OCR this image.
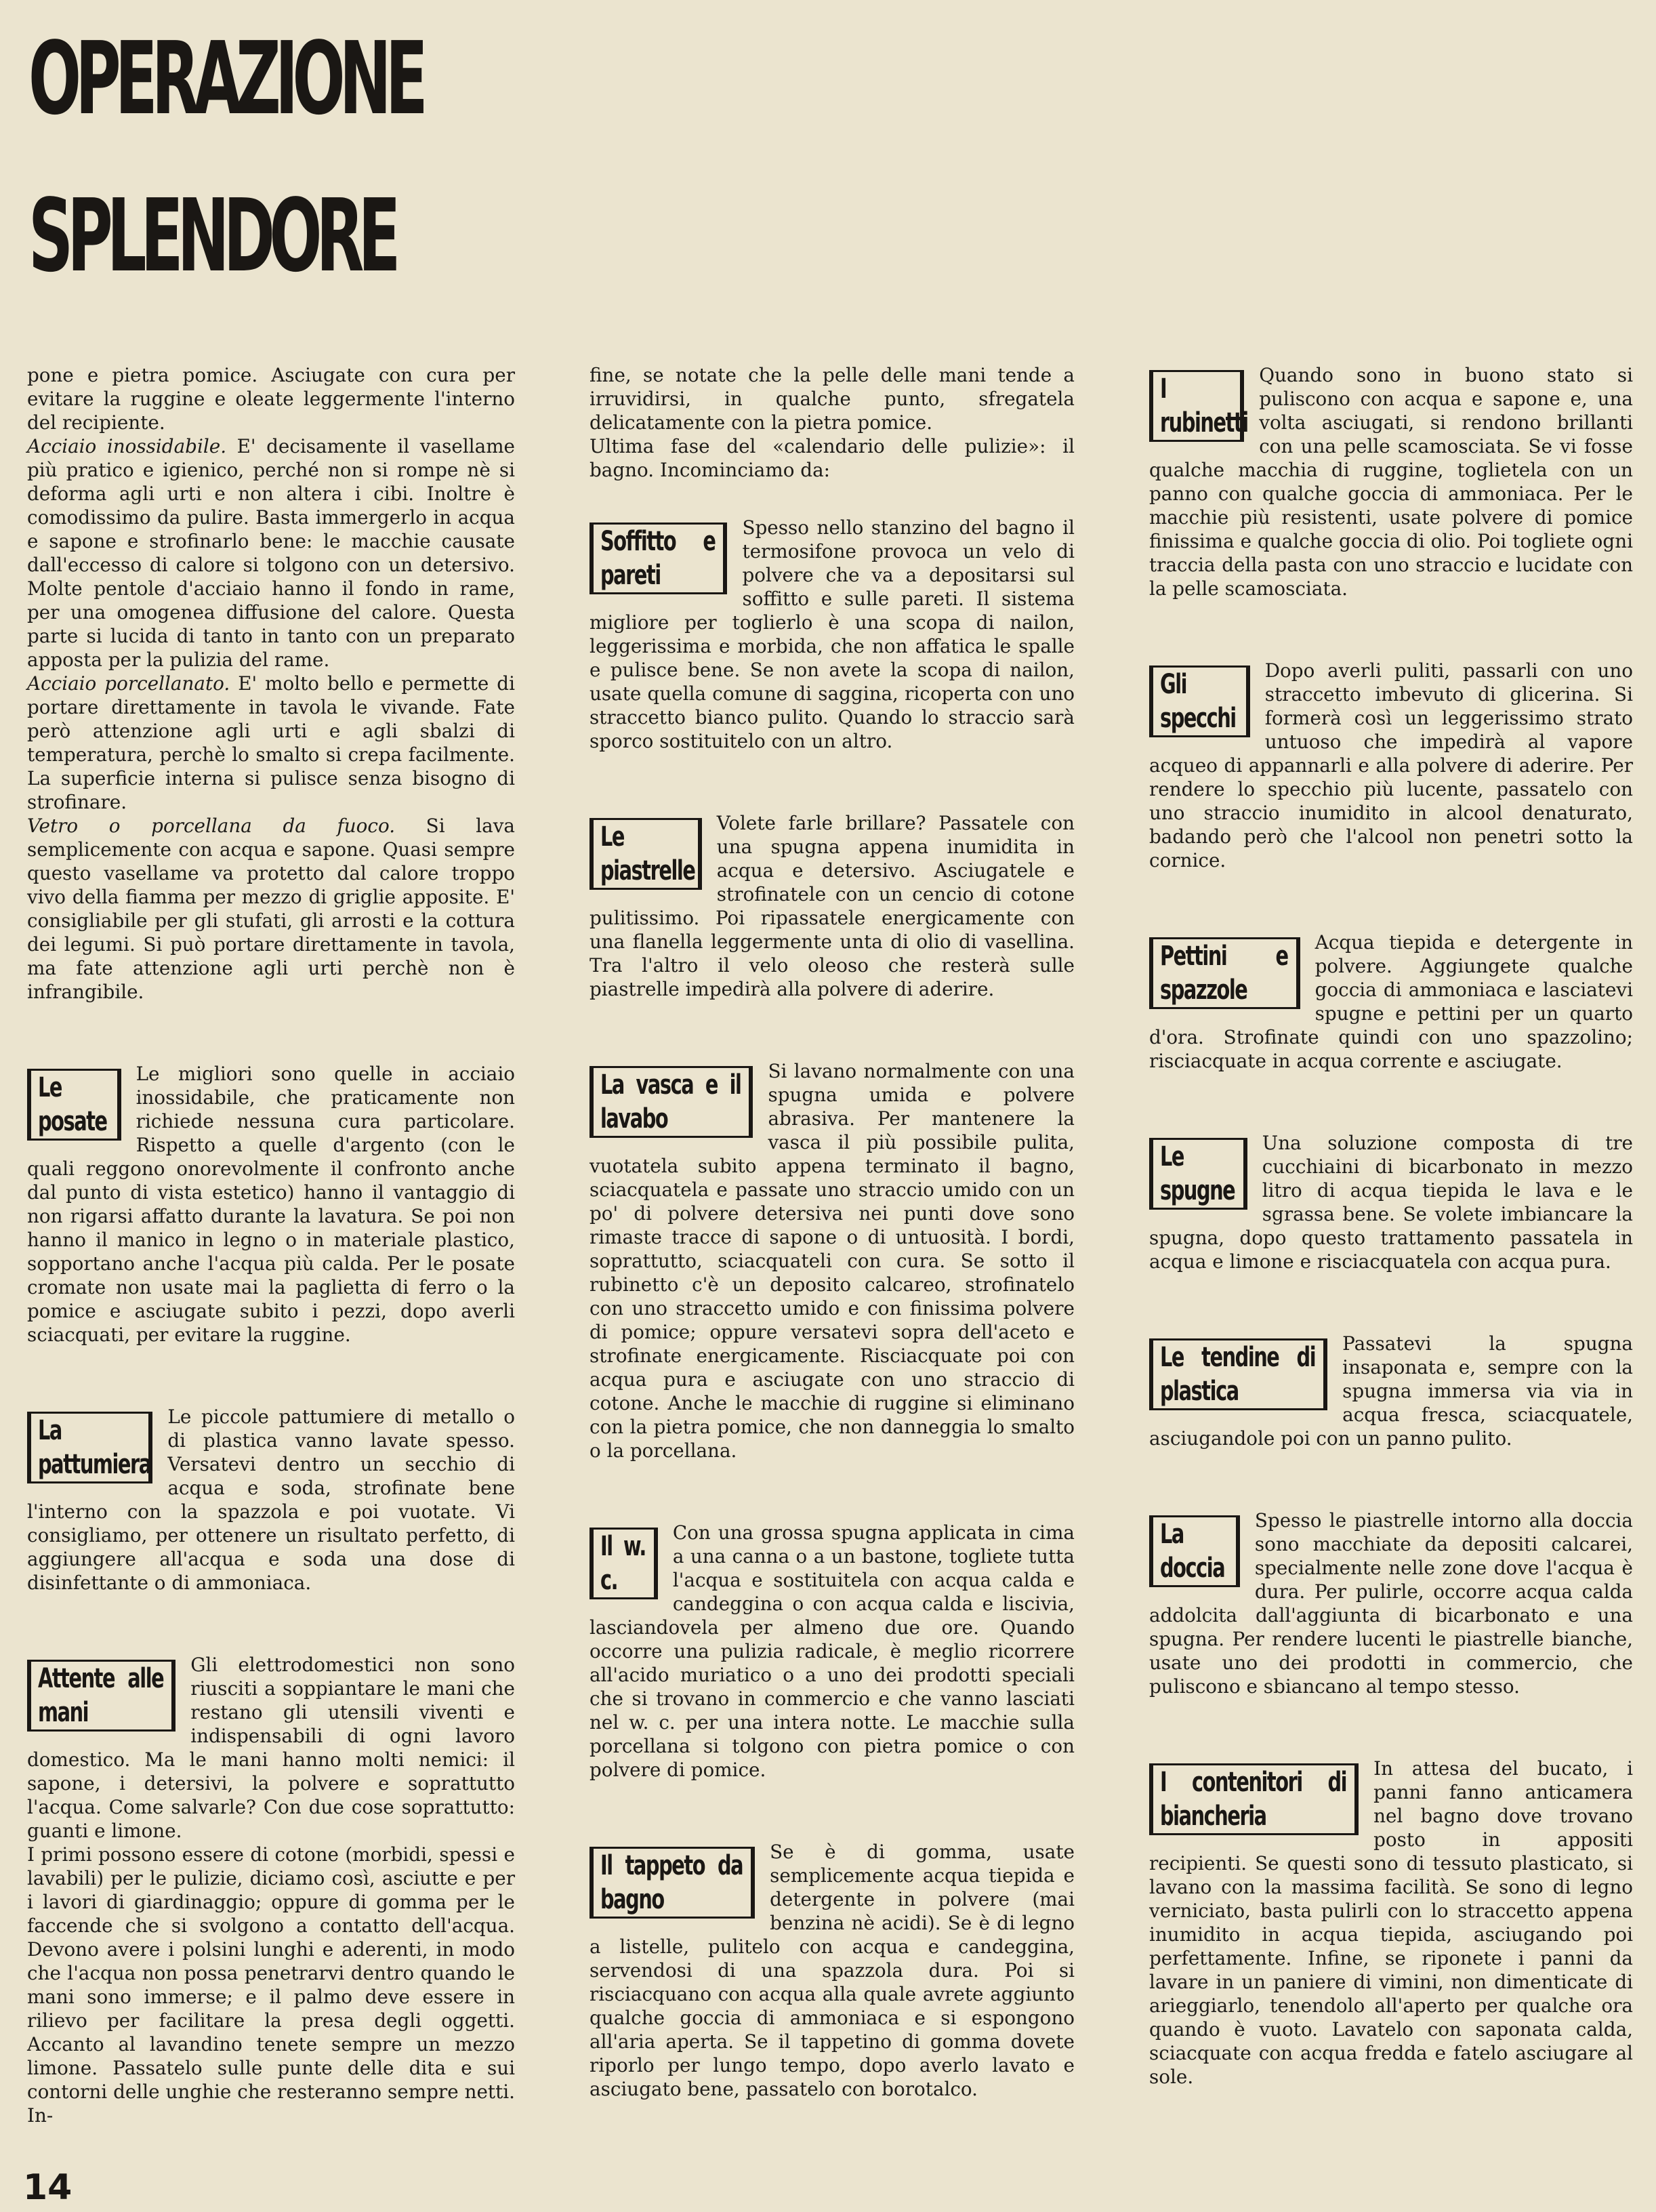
OPERAZIONE
SPLENDORE

pone e pietra pomice. Asciugate con cura per evitare la ruggine e oleate leggermente l'interno del recipiente.

Acciaio inossidabile. E' decisamente il vasellame più pratico e igienico, perché non si rompe nè si deforma agli urti e non altera i cibi. Inoltre è comodissimo da pulire. Basta immergerlo in acqua e sapone e strofinarlo bene: le macchie causate dall'eccesso di calore si tolgono con un detersivo. Molte pentole d'acciaio hanno il fondo in rame, per una omogenea diffusione del calore. Questa parte si lucida di tanto in tanto con un preparato apposta per la pulizia del rame.

Acciaio porcellanato. E' molto bello e permette di portare direttamente in tavola le vivande. Fate però attenzione agli urti e agli sbalzi di temperatura, perchè lo smalto si crepa facilmente. La superficie interna si pulisce senza bisogno di strofinare.

Vetro o porcellana da fuoco. Si lava semplicemente con acqua e sapone. Quasi sempre questo vasellame va protetto dal calore troppo vivo della fiamma per mezzo di griglie apposite. E' consigliabile per gli stufati, gli arrosti e la cottura dei legumi. Si può portare direttamente in tavola, ma fate attenzione agli urti perchè non è infrangibile.

Le posate

Le migliori sono quelle in acciaio inossidabile, che praticamente non richiede nessuna cura particolare. Rispetto a quelle d'argento (con le quali reggono onorevolmente il confronto anche dal punto di vista estetico) hanno il vantaggio di non rigarsi affatto durante la lavatura. Se poi non hanno il manico in legno o in materiale plastico, sopportano anche l'acqua più calda. Per le posate cromate non usate mai la paglietta di ferro o la pomice e asciugate subito i pezzi, dopo averli sciacquati, per evitare la ruggine.

La pattumiera

Le piccole pattumiere di metallo o di plastica vanno lavate spesso. Versatevi dentro un secchio di acqua e soda, strofinate bene l'interno con la spazzola e poi vuotate. Vi consigliamo, per ottenere un risultato perfetto, di aggiungere all'acqua e soda una dose di disinfettante o di ammoniaca.

Attente alle mani

Gli elettrodomestici non sono riusciti a soppiantare le mani che restano gli utensili viventi e indispensabili di ogni lavoro domestico. Ma le mani hanno molti nemici: il sapone, i detersivi, la polvere e soprattutto l'acqua. Come salvarle? Con due cose soprattutto: guanti e limone.

I primi possono essere di cotone (morbidi, spessi e lavabili) per le pulizie, diciamo così, asciutte e per i lavori di giardinaggio; oppure di gomma per le faccende che si svolgono a contatto dell'acqua. Devono avere i polsini lunghi e aderenti, in modo che l'acqua non possa penetrarvi dentro quando le mani sono immerse; e il palmo deve essere in rilievo per facilitare la presa degli oggetti. Accanto al lavandino tenete sempre un mezzo limone. Passatelo sulle punte delle dita e sui contorni delle unghie che resteranno sempre netti. In-

fine, se notate che la pelle delle mani tende a irruvidirsi, in qualche punto, sfregatela delicatamente con la pietra pomice.

Ultima fase del «calendario delle pulizie»: il bagno. Incominciamo da:

Soffitto e pareti

Spesso nello stanzino del bagno il termosifone provoca un velo di polvere che va a depositarsi sul soffitto e sulle pareti. Il sistema migliore per toglierlo è una scopa di nailon, leggerissima e morbida, che non affatica le spalle e pulisce bene. Se non avete la scopa di nailon, usate quella comune di saggina, ricoperta con uno straccetto bianco pulito. Quando lo straccio sarà sporco sostituitelo con un altro.

Le piastrelle

Volete farle brillare? Passatele con una spugna appena inumidita in acqua e detersivo. Asciugatele e strofinatele con un cencio di cotone pulitissimo. Poi ripassatele energicamente con una flanella leggermente unta di olio di vasellina. Tra l'altro il velo oleoso che resterà sulle piastrelle impedirà alla polvere di aderire.

La vasca e il lavabo

Si lavano normalmente con una spugna umida e polvere abrasiva. Per mantenere la vasca il più possibile pulita, vuotatela subito appena terminato il bagno, sciacquatela e passate uno straccio umido con un po' di polvere detersiva nei punti dove sono rimaste tracce di sapone o di untuosità. I bordi, soprattutto, sciacquateli con cura. Se sotto il rubinetto c'è un deposito calcareo, strofinatelo con uno straccetto umido e con finissima polvere di pomice; oppure versatevi sopra dell'aceto e strofinate energicamente. Risciacquate poi con acqua pura e asciugate con uno straccio di cotone. Anche le macchie di ruggine si eliminano con la pietra pomice, che non danneggia lo smalto o la porcellana.

Il w. c.

Con una grossa spugna applicata in cima a una canna o a un bastone, togliete tutta l'acqua e sostituitela con acqua calda e candeggina o con acqua calda e liscivia, lasciandovela per almeno due ore. Quando occorre una pulizia radicale, è meglio ricorrere all'acido muriatico o a uno dei prodotti speciali che si trovano in commercio e che vanno lasciati nel w. c. per una intera notte. Le macchie sulla porcellana si tolgono con pietra pomice o con polvere di pomice.

Il tappeto da bagno

Se è di gomma, usate semplicemente acqua tiepida e detergente in polvere (mai benzina nè acidi). Se è di legno a listelle, pulitelo con acqua e candeggina, servendosi di una spazzola dura. Poi si risciacquano con acqua alla quale avrete aggiunto qualche goccia di ammoniaca e si espongono all'aria aperta. Se il tappetino di gomma dovete riporlo per lungo tempo, dopo averlo lavato e asciugato bene, passatelo con borotalco.

I rubinetti

Quando sono in buono stato si puliscono con acqua e sapone e, una volta asciugati, si rendono brillanti con una pelle scamosciata. Se vi fosse qualche macchia di ruggine, toglietela con un panno con qualche goccia di ammoniaca. Per le macchie più resistenti, usate polvere di pomice finissima e qualche goccia di olio. Poi togliete ogni traccia della pasta con uno straccio e lucidate con la pelle scamosciata.

Gli specchi

Dopo averli puliti, passarli con uno straccetto imbevuto di glicerina. Si formerà così un leggerissimo strato untuoso che impedirà al vapore acqueo di appannarli e alla polvere di aderire. Per rendere lo specchio più lucente, passatelo con uno straccio inumidito in alcool denaturato, badando però che l'alcool non penetri sotto la cornice.

Pettini e spazzole

Acqua tiepida e detergente in polvere. Aggiungete qualche goccia di ammoniaca e lasciatevi spugne e pettini per un quarto d'ora. Strofinate quindi con uno spazzolino; risciacquate in acqua corrente e asciugate.

Le spugne

Una soluzione composta di tre cucchiaini di bicarbonato in mezzo litro di acqua tiepida le lava e le sgrassa bene. Se volete imbiancare la spugna, dopo questo trattamento passatela in acqua e limone e risciacquatela con acqua pura.

Le tendine di plastica

Passatevi la spugna insaponata e, sempre con la spugna immersa via via in acqua fresca, sciacquatele, asciugandole poi con un panno pulito.

La doccia

Spesso le piastrelle intorno alla doccia sono macchiate da depositi calcarei, specialmente nelle zone dove l'acqua è dura. Per pulirle, occorre acqua calda addolcita dall'aggiunta di bicarbonato e una spugna. Per rendere lucenti le piastrelle bianche, usate uno dei prodotti in commercio, che puliscono e sbiancano al tempo stesso.

I contenitori di biancheria

In attesa del bucato, i panni fanno anticamera nel bagno dove trovano posto in appositi recipienti. Se questi sono di tessuto plasticato, si lavano con la massima facilità. Se sono di legno verniciato, basta pulirli con lo straccetto appena inumidito in acqua tiepida, asciugando poi perfettamente. Infine, se riponete i panni da lavare in un paniere di vimini, non dimenticate di arieggiarlo, tenendolo all'aperto per qualche ora quando è vuoto. Lavatelo con saponata calda, sciacquate con acqua fredda e fatelo asciugare al sole.

14
